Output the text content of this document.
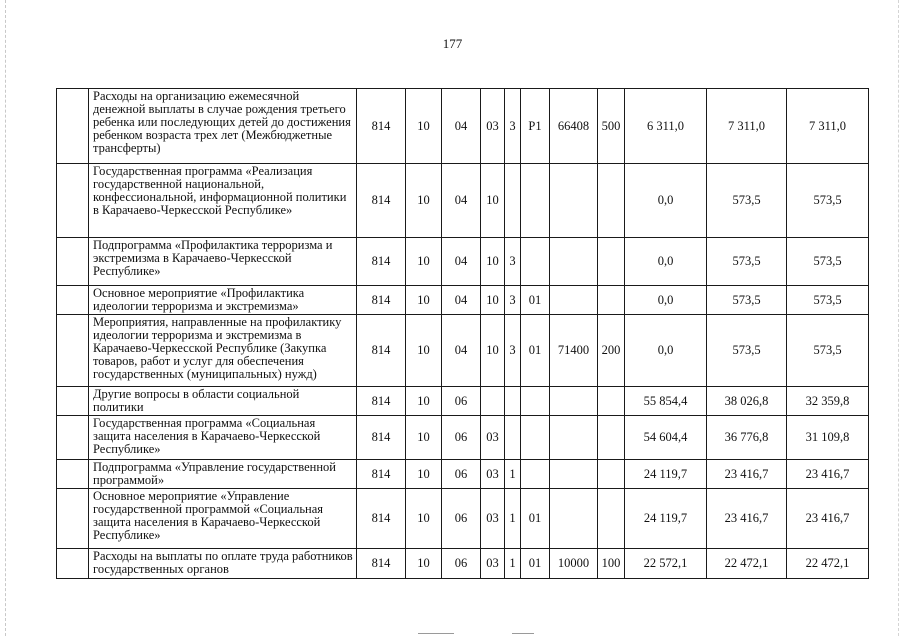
177
	Расходы на организацию ежемесячной денежной выплаты в случае рождения третьего ребенка или последующих детей до достижения ребенком возраста трех лет (Межбюджетные трансферты)	814	10	04	03	3	P1	66408	500	6 311,0	7 311,0	7 311,0
	Государственная программа «Реализация государственной национальной, конфессиональной, информационной политики в Карачаево-Черкесской Республике»	814	10	04	10					0,0	573,5	573,5
	Подпрограмма «Профилактика терроризма и экстремизма в Карачаево-Черкесской Республике»	814	10	04	10	3				0,0	573,5	573,5
	Основное мероприятие «Профилактика идеологии терроризма и экстремизма»	814	10	04	10	3	01			0,0	573,5	573,5
	Мероприятия, направленные на профилактику идеологии терроризма и экстремизма в Карачаево-Черкесской Республике (Закупка товаров, работ и услуг для обеспечения государственных (муниципальных) нужд)	814	10	04	10	3	01	71400	200	0,0	573,5	573,5
	Другие вопросы в области социальной политики	814	10	06						55 854,4	38 026,8	32 359,8
	Государственная программа «Социальная защита населения в Карачаево-Черкесской Республике»	814	10	06	03					54 604,4	36 776,8	31 109,8
	Подпрограмма «Управление государственной программой»	814	10	06	03	1				24 119,7	23 416,7	23 416,7
	Основное мероприятие «Управление государственной программой «Социальная защита населения в Карачаево-Черкесской Республике»	814	10	06	03	1	01			24 119,7	23 416,7	23 416,7
	Расходы на выплаты по оплате труда работников государственных органов	814	10	06	03	1	01	10000	100	22 572,1	22 472,1	22 472,1
